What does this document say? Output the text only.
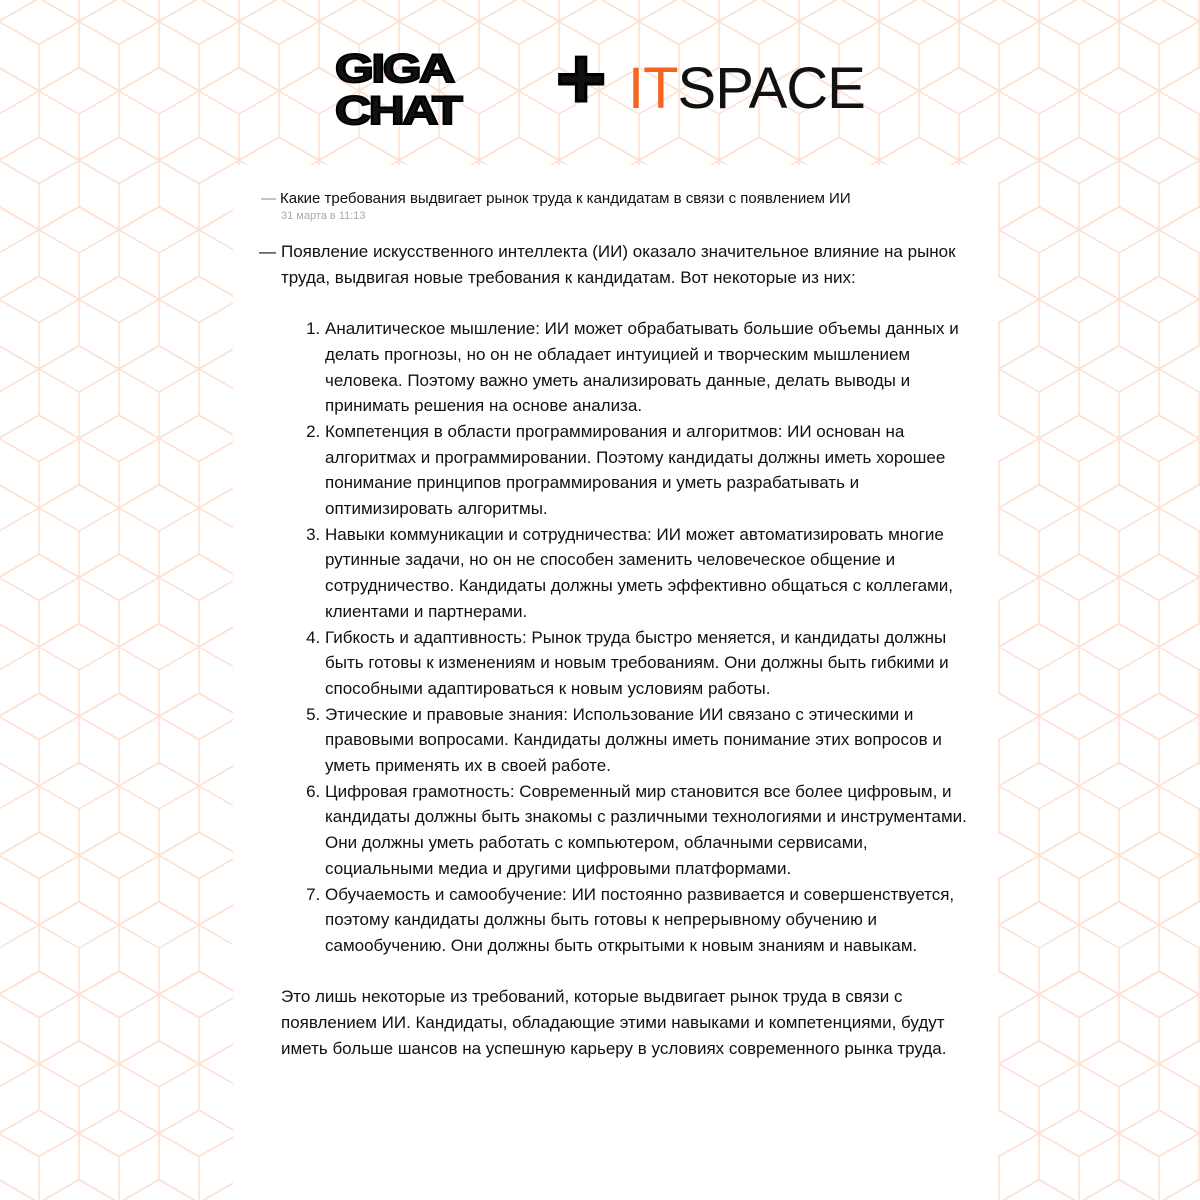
GIGA
CHAT + ITSPACE
— Какие требования выдвигает рынок труда к кандидатам в связи с появлением ИИ
31 марта в 11:13
— Появление искусственного интеллекта (ИИ) оказало значительное влияние на рынок труда, выдвигая новые требования к кандидатам. Вот некоторые из них:

1. Аналитическое мышление: ИИ может обрабатывать большие объемы данных и делать прогнозы, но он не обладает интуицией и творческим мышлением человека. Поэтому важно уметь анализировать данные, делать выводы и принимать решения на основе анализа.
2. Компетенция в области программирования и алгоритмов: ИИ основан на алгоритмах и программировании. Поэтому кандидаты должны иметь хорошее понимание принципов программирования и уметь разрабатывать и оптимизировать алгоритмы.
3. Навыки коммуникации и сотрудничества: ИИ может автоматизировать многие рутинные задачи, но он не способен заменить человеческое общение и сотрудничество. Кандидаты должны уметь эффективно общаться с коллегами, клиентами и партнерами.
4. Гибкость и адаптивность: Рынок труда быстро меняется, и кандидаты должны быть готовы к изменениям и новым требованиям. Они должны быть гибкими и способными адаптироваться к новым условиям работы.
5. Этические и правовые знания: Использование ИИ связано с этическими и правовыми вопросами. Кандидаты должны иметь понимание этих вопросов и уметь применять их в своей работе.
6. Цифровая грамотность: Современный мир становится все более цифровым, и кандидаты должны быть знакомы с различными технологиями и инструментами. Они должны уметь работать с компьютером, облачными сервисами, социальными медиа и другими цифровыми платформами.
7. Обучаемость и самообучение: ИИ постоянно развивается и совершенствуется, поэтому кандидаты должны быть готовы к непрерывному обучению и самообучению. Они должны быть открытыми к новым знаниям и навыкам.

Это лишь некоторые из требований, которые выдвигает рынок труда в связи с появлением ИИ. Кандидаты, обладающие этими навыками и компетенциями, будут иметь больше шансов на успешную карьеру в условиях современного рынка труда.
